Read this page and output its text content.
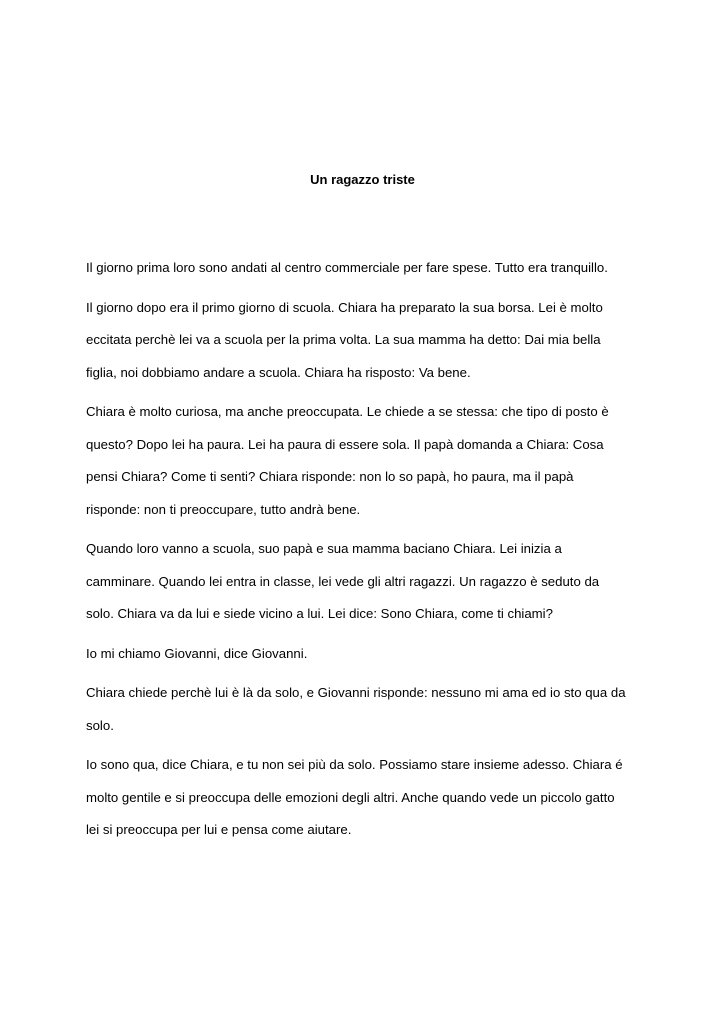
Un ragazzo triste

Il giorno prima loro sono andati al centro commerciale per fare spese. Tutto era tranquillo.

Il giorno dopo era il primo giorno di scuola. Chiara ha preparato la sua borsa. Lei è molto
eccitata perchè lei va a scuola per la prima volta. La sua mamma ha detto: Dai mia bella
figlia, noi dobbiamo andare a scuola. Chiara ha risposto: Va bene.

Chiara è molto curiosa, ma anche preoccupata. Le chiede a se stessa: che tipo di posto è
questo? Dopo lei ha paura. Lei ha paura di essere sola. Il papà domanda a Chiara: Cosa
pensi Chiara? Come ti senti? Chiara risponde: non lo so papà, ho paura, ma il papà
risponde: non ti preoccupare, tutto andrà bene.

Quando loro vanno a scuola, suo papà e sua mamma baciano Chiara. Lei inizia a
camminare. Quando lei entra in classe, lei vede gli altri ragazzi. Un ragazzo è seduto da
solo. Chiara va da lui e siede vicino a lui. Lei dice: Sono Chiara, come ti chiami?

Io mi chiamo Giovanni, dice Giovanni.

Chiara chiede perchè lui è là da solo, e Giovanni risponde: nessuno mi ama ed io sto qua da
solo.

Io sono qua, dice Chiara, e tu non sei più da solo. Possiamo stare insieme adesso. Chiara é
molto gentile e si preoccupa delle emozioni degli altri. Anche quando vede un piccolo gatto
lei si preoccupa per lui e pensa come aiutare.
